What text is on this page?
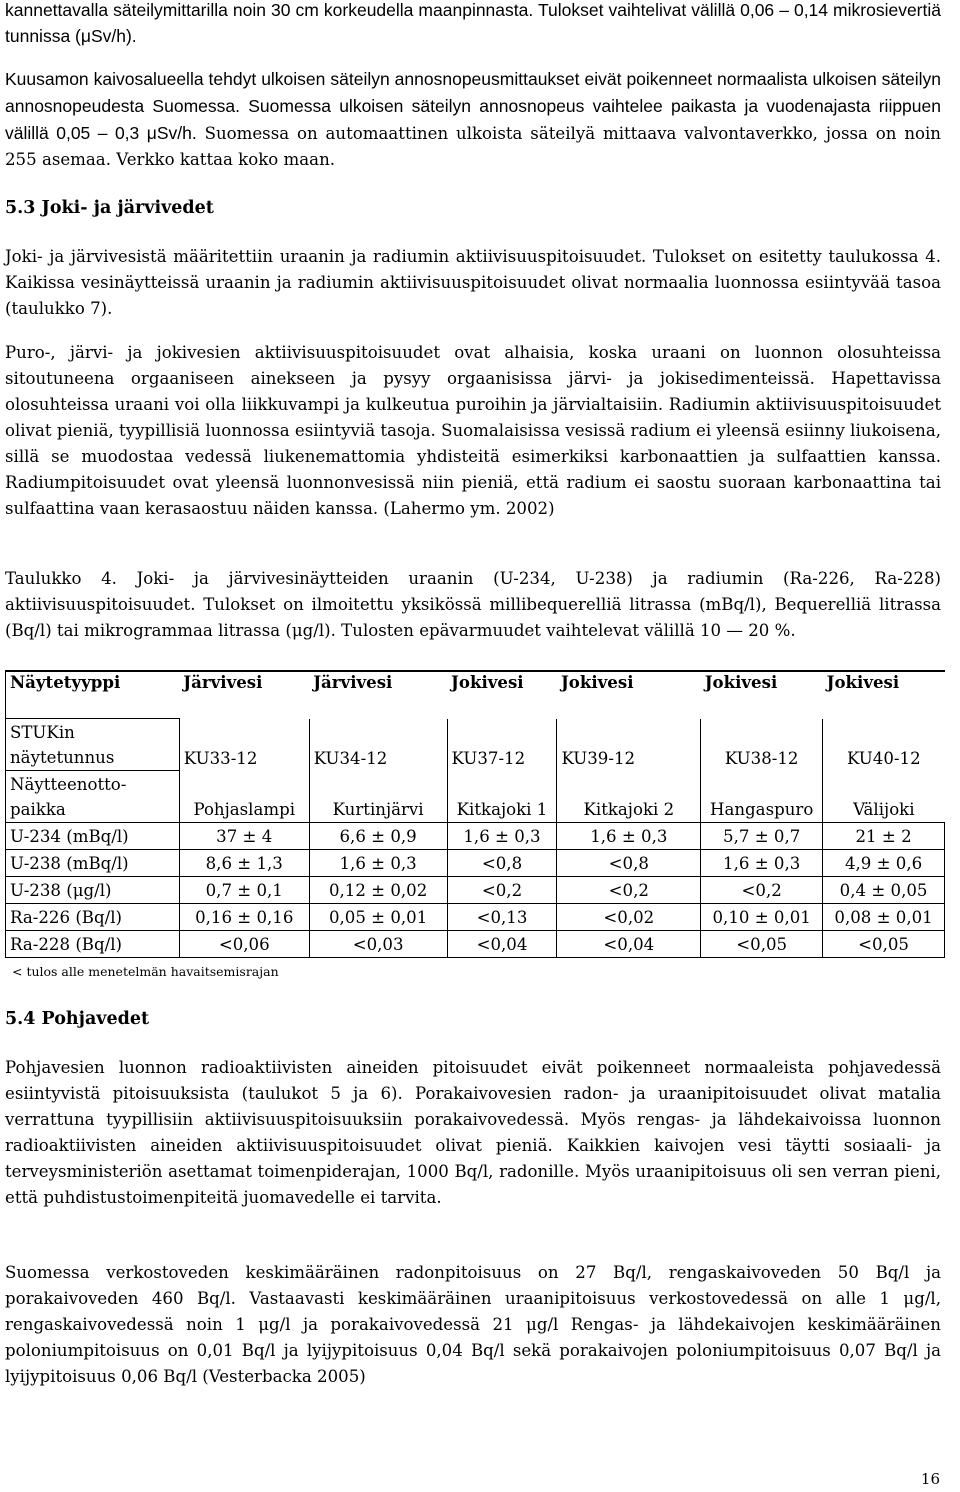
kannettavalla säteilymittarilla noin 30 cm korkeudella maanpinnasta. Tulokset vaihtelivat välillä 0,06 – 0,14 mikrosievertiä tunnissa (μSv/h).

Kuusamon kaivosalueella tehdyt ulkoisen säteilyn annosnopeusmittaukset eivät poikenneet normaalista ulkoisen säteilyn annosnopeudesta Suomessa. Suomessa ulkoisen säteilyn annosnopeus vaihtelee paikasta ja vuodenajasta riippuen välillä 0,05 – 0,3 μSv/h. Suomessa on automaattinen ulkoista säteilyä mittaava valvontaverkko, jossa on noin 255 asemaa. Verkko kattaa koko maan.

5.3 Joki- ja järvivedet

Joki- ja järvivesistä määritettiin uraanin ja radiumin aktiivisuuspitoisuudet. Tulokset on esitetty taulukossa 4. Kaikissa vesinäytteissä uraanin ja radiumin aktiivisuuspitoisuudet olivat normaalia luonnossa esiintyvää tasoa (taulukko 7).

Puro-, järvi- ja jokivesien aktiivisuuspitoisuudet ovat alhaisia, koska uraani on luonnon olosuhteissa sitoutuneena orgaaniseen ainekseen ja pysyy orgaanisissa järvi- ja jokisedimenteissä. Hapettavissa olosuhteissa uraani voi olla liikkuvampi ja kulkeutua puroihin ja järvialtaisiin. Radiumin aktiivisuuspitoisuudet olivat pieniä, tyypillisiä luonnossa esiintyviä tasoja. Suomalaisissa vesissä radium ei yleensä esiinny liukoisena, sillä se muodostaa vedessä liukenemattomia yhdisteitä esimerkiksi karbonaattien ja sulfaattien kanssa. Radiumpitoisuudet ovat yleensä luonnonvesissä niin pieniä, että radium ei saostu suoraan karbonaattina tai sulfaattina vaan kerasaostuu näiden kanssa. (Lahermo ym. 2002)

Taulukko 4. Joki- ja järvivesinäytteiden uraanin (U-234, U-238) ja radiumin (Ra-226, Ra-228) aktiivisuuspitoisuudet. Tulokset on ilmoitettu yksikössä millibequerelliä litrassa (mBq/l), Bequerelliä litrassa (Bq/l) tai mikrogrammaa litrassa (μg/l). Tulosten epävarmuudet vaihtelevat välillä 10 — 20 %.

Näytetyyppi	Järvivesi	Järvivesi	Jokivesi	Jokivesi	Jokivesi	Jokivesi
STUKin
näytetunnus	KU33-12	KU34-12	KU37-12	KU39-12	KU38-12	KU40-12
Näytteenotto-
paikka	Pohjaslampi	Kurtinjärvi	Kitkajoki 1	Kitkajoki 2	Hangaspuro	Välijoki
U-234 (mBq/l)	37 ± 4	6,6 ± 0,9	1,6 ± 0,3	1,6 ± 0,3	5,7 ± 0,7	21 ± 2
U-238 (mBq/l)	8,6 ± 1,3	1,6 ± 0,3	<0,8	<0,8	1,6 ± 0,3	4,9 ± 0,6
U-238 (μg/l)	0,7 ± 0,1	0,12 ± 0,02	<0,2	<0,2	<0,2	0,4 ± 0,05
Ra-226 (Bq/l)	0,16 ± 0,16	0,05 ± 0,01	<0,13	<0,02	0,10 ± 0,01	0,08 ± 0,01
Ra-228 (Bq/l)	<0,06	<0,03	<0,04	<0,04	<0,05	<0,05

< tulos alle menetelmän havaitsemisrajan

5.4 Pohjavedet

Pohjavesien luonnon radioaktiivisten aineiden pitoisuudet eivät poikenneet normaaleista pohjavedessä esiintyvistä pitoisuuksista (taulukot 5 ja 6). Porakaivovesien radon- ja uraanipitoisuudet olivat matalia verrattuna tyypillisiin aktiivisuuspitoisuuksiin porakaivovedessä. Myös rengas- ja lähdekaivoissa luonnon radioaktiivisten aineiden aktiivisuuspitoisuudet olivat pieniä. Kaikkien kaivojen vesi täytti sosiaali- ja terveysministeriön asettamat toimenpiderajan, 1000 Bq/l, radonille. Myös uraanipitoisuus oli sen verran pieni, että puhdistustoimenpiteitä juomavedelle ei tarvita.

Suomessa verkostoveden keskimääräinen radonpitoisuus on 27 Bq/l, rengaskaivoveden 50 Bq/l ja porakaivoveden 460 Bq/l. Vastaavasti keskimääräinen uraanipitoisuus verkostovedessä on alle 1 μg/l, rengaskaivovedessä noin 1 μg/l ja porakaivovedessä 21 μg/l Rengas- ja lähdekaivojen keskimääräinen poloniumpitoisuus on 0,01 Bq/l ja lyijypitoisuus 0,04 Bq/l sekä porakaivojen poloniumpitoisuus 0,07 Bq/l ja lyijypitoisuus 0,06 Bq/l (Vesterbacka 2005)

16
